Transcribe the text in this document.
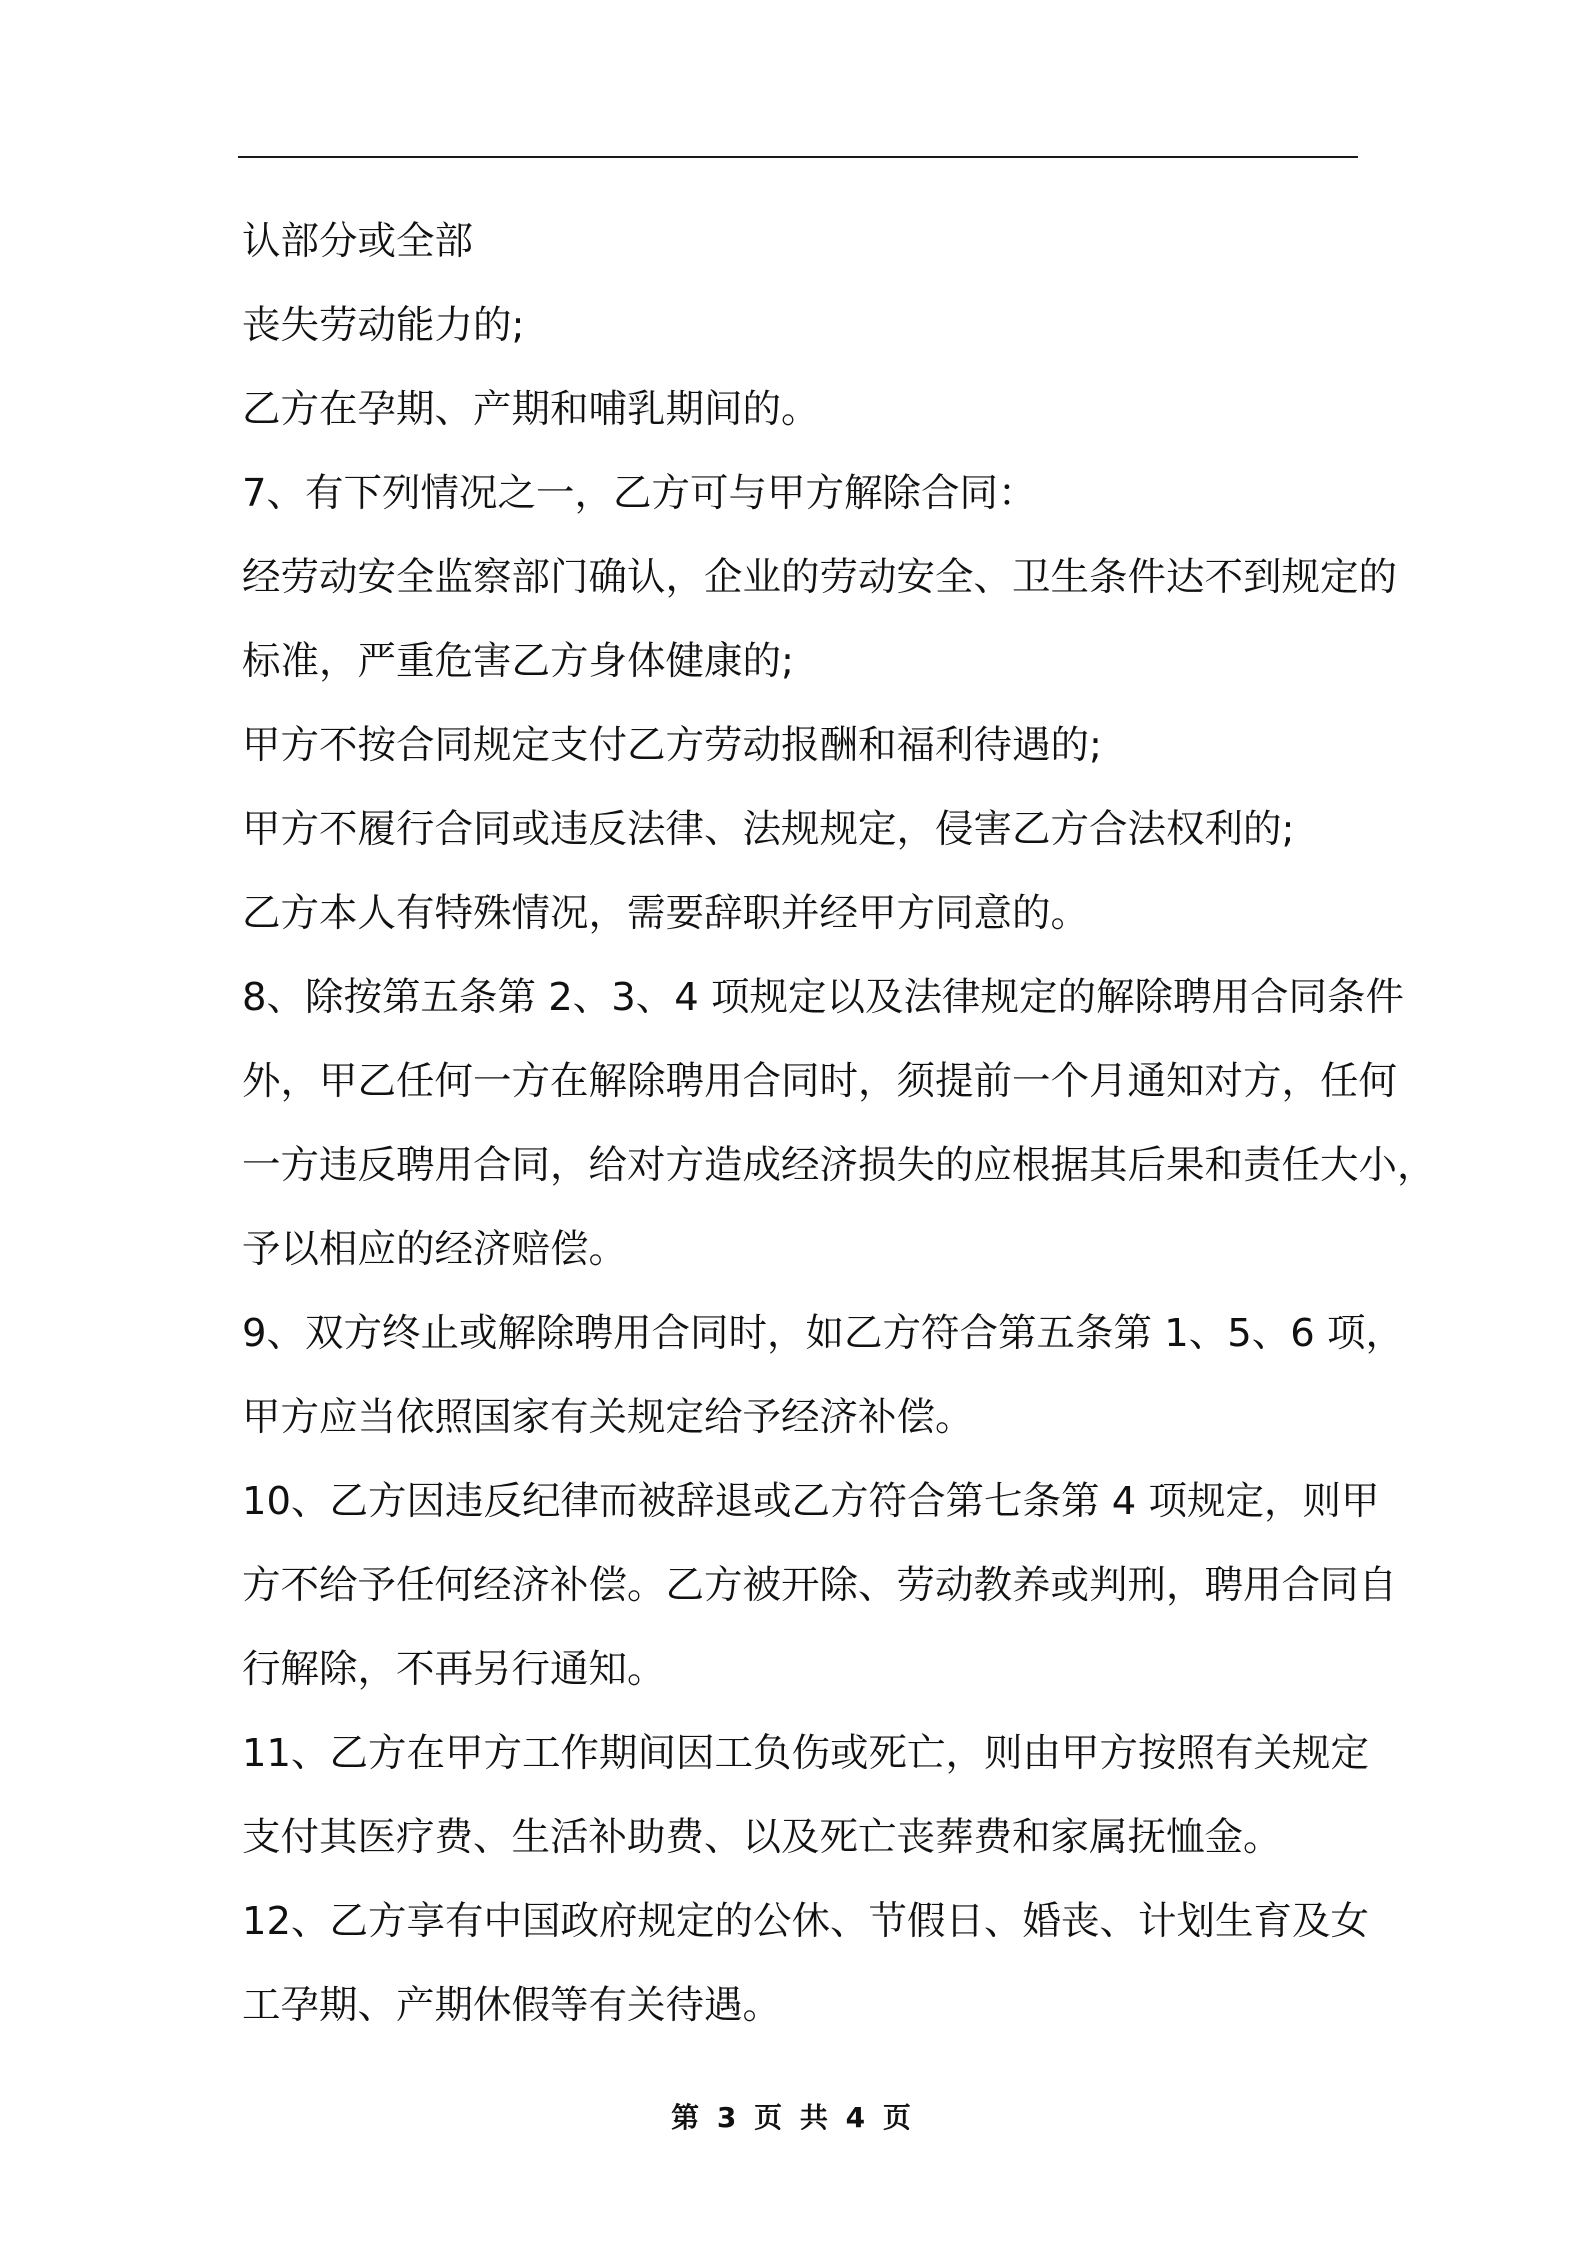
认部分或全部
丧失劳动能力的;
乙方在孕期、产期和哺乳期间的。
7、有下列情况之一，乙方可与甲方解除合同：
经劳动安全监察部门确认，企业的劳动安全、卫生条件达不到规定的
标准，严重危害乙方身体健康的;
甲方不按合同规定支付乙方劳动报酬和福利待遇的;
甲方不履行合同或违反法律、法规规定，侵害乙方合法权利的;
乙方本人有特殊情况，需要辞职并经甲方同意的。
8、除按第五条第 2、3、4 项规定以及法律规定的解除聘用合同条件
外，甲乙任何一方在解除聘用合同时，须提前一个月通知对方，任何
一方违反聘用合同，给对方造成经济损失的应根据其后果和责任大小，
予以相应的经济赔偿。
9、双方终止或解除聘用合同时，如乙方符合第五条第 1、5、6 项，
甲方应当依照国家有关规定给予经济补偿。
10、乙方因违反纪律而被辞退或乙方符合第七条第 4 项规定，则甲
方不给予任何经济补偿。乙方被开除、劳动教养或判刑，聘用合同自
行解除，不再另行通知。
11、乙方在甲方工作期间因工负伤或死亡，则由甲方按照有关规定
支付其医疗费、生活补助费、以及死亡丧葬费和家属抚恤金。
12、乙方享有中国政府规定的公休、节假日、婚丧、计划生育及女
工孕期、产期休假等有关待遇。
第 3 页 共 4 页
